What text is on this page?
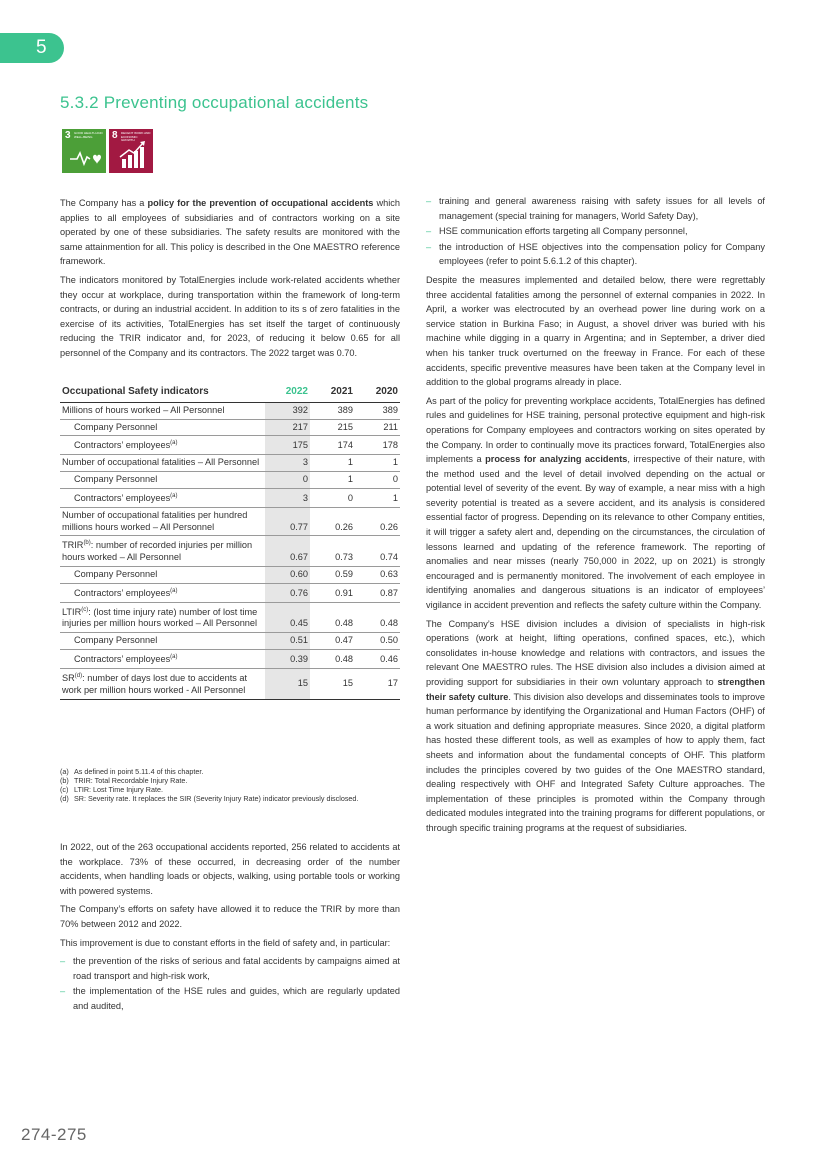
5
5.3.2 Preventing occupational accidents
3 GOOD HEALTH AND WELL-BEING	8 DECENT WORK AND ECONOMIC GROWTH

The Company has a policy for the prevention of occupational accidents which applies to all employees of subsidiaries and of contractors working on a site operated by one of these subsidiaries. The safety results are monitored with the same attainmention for all. This policy is described in the One MAESTRO reference framework.

The indicators monitored by TotalEnergies include work-related accidents whether they occur at workplace, during transportation within the framework of long-term contracts, or during an industrial accident. In addition to its s of zero fatalities in the exercise of its activities, TotalEnergies has set itself the target of continuously reducing the TRIR indicator and, for 2023, of reducing it below 0.65 for all personnel of the Company and its contractors. The 2022 target was 0.70.

Occupational Safety indicators	2022	2021	2020
Millions of hours worked – All Personnel	392	389	389
Company Personnel	217	215	211
Contractors’ employees$^{(a)}$	175	174	178
Number of occupational fatalities – All Personnel	3	1	1
Company Personnel	0	1	0
Contractors’ employees$^{(a)}$	3	0	1
Number of occupational fatalities per hundred millions hours worked – All Personnel	0.77	0.26	0.26
TRIR$^{(b)}$: number of recorded injuries per million hours worked – All Personnel	0.67	0.73	0.74
Company Personnel	0.60	0.59	0.63
Contractors’ employees$^{(a)}$	0.76	0.91	0.87
LTIR$^{(c)}$: (lost time injury rate) number of lost time injuries per million hours worked – All Personnel	0.45	0.48	0.48
Company Personnel	0.51	0.47	0.50
Contractors’ employees$^{(a)}$	0.39	0.48	0.46
SR$^{(d)}$: number of days lost due to accidents at work per million hours worked - All Personnel	15	15	17
(a) As defined in point 5.11.4 of this chapter.
(b) TRIR: Total Recordable Injury Rate.
(c) LTIR: Lost Time Injury Rate.
(d) SR: Severity rate. It replaces the SIR (Severity Injury Rate) indicator previously disclosed.

In 2022, out of the 263 occupational accidents reported, 256 related to accidents at the workplace. 73% of these occurred, in decreasing order of the number accidents, when handling loads or objects, walking, using portable tools or working with powered systems.

The Company’s efforts on safety have allowed it to reduce the TRIR by more than 70% between 2012 and 2022.

This improvement is due to constant efforts in the field of safety and, in particular:

– the prevention of the risks of serious and fatal accidents by campaigns aimed at road transport and high-risk work,

– the implementation of the HSE rules and guides, which are regularly updated and audited,

– training and general awareness raising with safety issues for all levels of management (special training for managers, World Safety Day),

– HSE communication efforts targeting all Company personnel,

– the introduction of HSE objectives into the compensation policy for Company employees (refer to point 5.6.1.2 of this chapter).

Despite the measures implemented and detailed below, there were regrettably three accidental fatalities among the personnel of external companies in 2022. In April, a worker was electrocuted by an overhead power line during work on a service station in Burkina Faso; in August, a shovel driver was buried with his machine while digging in a quarry in Argentina; and in September, a driver died when his tanker truck overturned on the freeway in France. For each of these accidents, specific preventive measures have been taken at the Company level in addition to the global programs already in place.

As part of the policy for preventing workplace accidents, TotalEnergies has defined rules and guidelines for HSE training, personal protective equipment and high-risk operations for Company employees and contractors working on sites operated by the Company. In order to continually move its practices forward, TotalEnergies also implements a process for analyzing accidents, irrespective of their nature, with the method used and the level of detail involved depending on the actual or potential level of severity of the event. By way of example, a near miss with a high severity potential is treated as a severe accident, and its analysis is considered essential factor of progress. Depending on its relevance to other Company entities, it will trigger a safety alert and, depending on the circumstances, the circulation of lessons learned and updating of the reference framework. The reporting of anomalies and near misses (nearly 750,000 in 2022, up on 2021) is strongly encouraged and is permanently monitored. The involvement of each employee in identifying anomalies and dangerous situations is an indicator of employees’ vigilance in accident prevention and reflects the safety culture within the Company.

The Company’s HSE division includes a division of specialists in high-risk operations (work at height, lifting operations, confined spaces, etc.), which consolidates in-house knowledge and relations with contractors, and issues the relevant One MAESTRO rules. The HSE division also includes a division aimed at providing support for subsidiaries in their own voluntary approach to strengthen their safety culture. This division also develops and disseminates tools to improve human performance by identifying the Organizational and Human Factors (OHF) of a work situation and defining appropriate measures. Since 2020, a digital platform has hosted these different tools, as well as examples of how to apply them, fact sheets and information about the fundamental concepts of OHF. This platform includes the principles covered by two guides of the One MAESTRO standard, dealing respectively with OHF and Integrated Safety Culture approaches. The implementation of these principles is promoted within the Company through dedicated modules integrated into the training programs for different populations, or through specific training programs at the request of subsidiaries.

274-275
